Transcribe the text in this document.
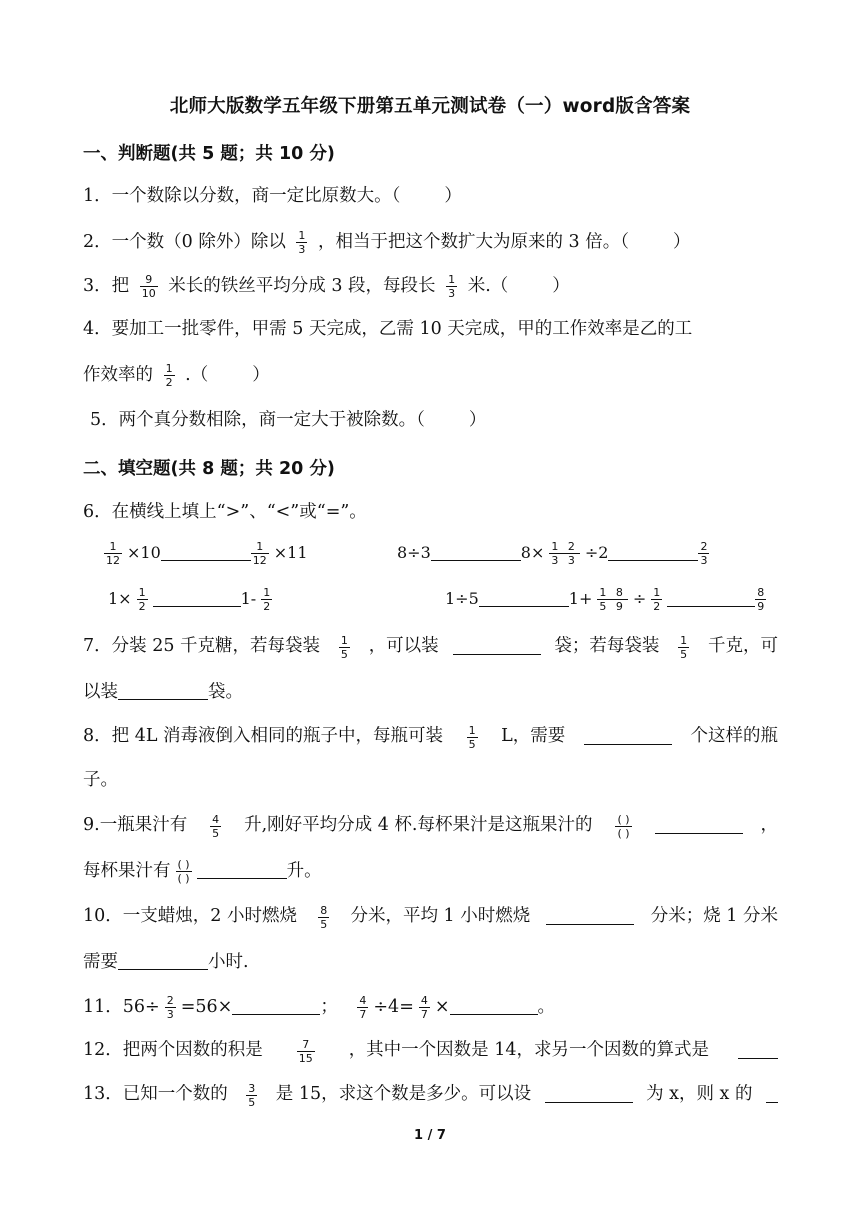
北师大版数学五年级下册第五单元测试卷（一）word版含答案
一、判断题(共 5 题；共 10 分)
1．一个数除以分数，商一定比原数大。（	）
2．一个数（0 除外）除以 $\frac{1}{3}$ ，相当于把这个数扩大为原来的 3 倍。（	）
3．把 $\frac{9}{10}$ 米长的铁丝平均分成 3 段，每段长 $\frac{1}{3}$ 米.（	）
4．要加工一批零件，甲需 5 天完成，乙需 10 天完成，甲的工作效率是乙的工
作效率的 $\frac{1}{2}$ .（	）
5．两个真分数相除，商一定大于被除数。（	）
二、填空题(共 8 题；共 20 分)
6．在横线上填上“>”、“<”或“=”。
$\frac{1}{12} \times 10$	$\frac{1}{12} \times 11$	8÷3	$8\times \frac{1 2}{3 3} \div 2$	$\frac{2}{3}$
$1\times \frac{1}{2}$	$1- \frac{1}{2}$	1÷5	$1+ \frac{1 8}{5 9} \div \frac{1}{2}$	$\frac{8}{9}$
7．分装 25 千克糖，若每袋装 1
5 ，可以装	袋；若每袋装 1
5 千克，可
以装	袋。
8．把 4L 消毒液倒入相同的瓶子中，每瓶可装 1
5 L，需要	个这样的瓶
子。
9.一瓶果汁有 4
5 升,刚好平均分成 4 杯.每杯果汁是这瓶果汁的 ( )
( )	，
每杯果汁有 ( )
( )	升。
10．一支蜡烛，2 小时燃烧 8
5 分米，平均 1 小时燃烧	分米；烧 1 分米
需要	小时.
11．$56\div \frac{2}{3} =56\times$	； $\frac{4}{7} \div 4= \frac{4}{7}$ ×	。
12．把两个因数的积是	7
15 ，其中一个因数是 14，求另一个因数的算式是
13．已知一个数的 3
5 是 15，求这个数是多少。可以设	为 x，则 x 的
1 / 7
